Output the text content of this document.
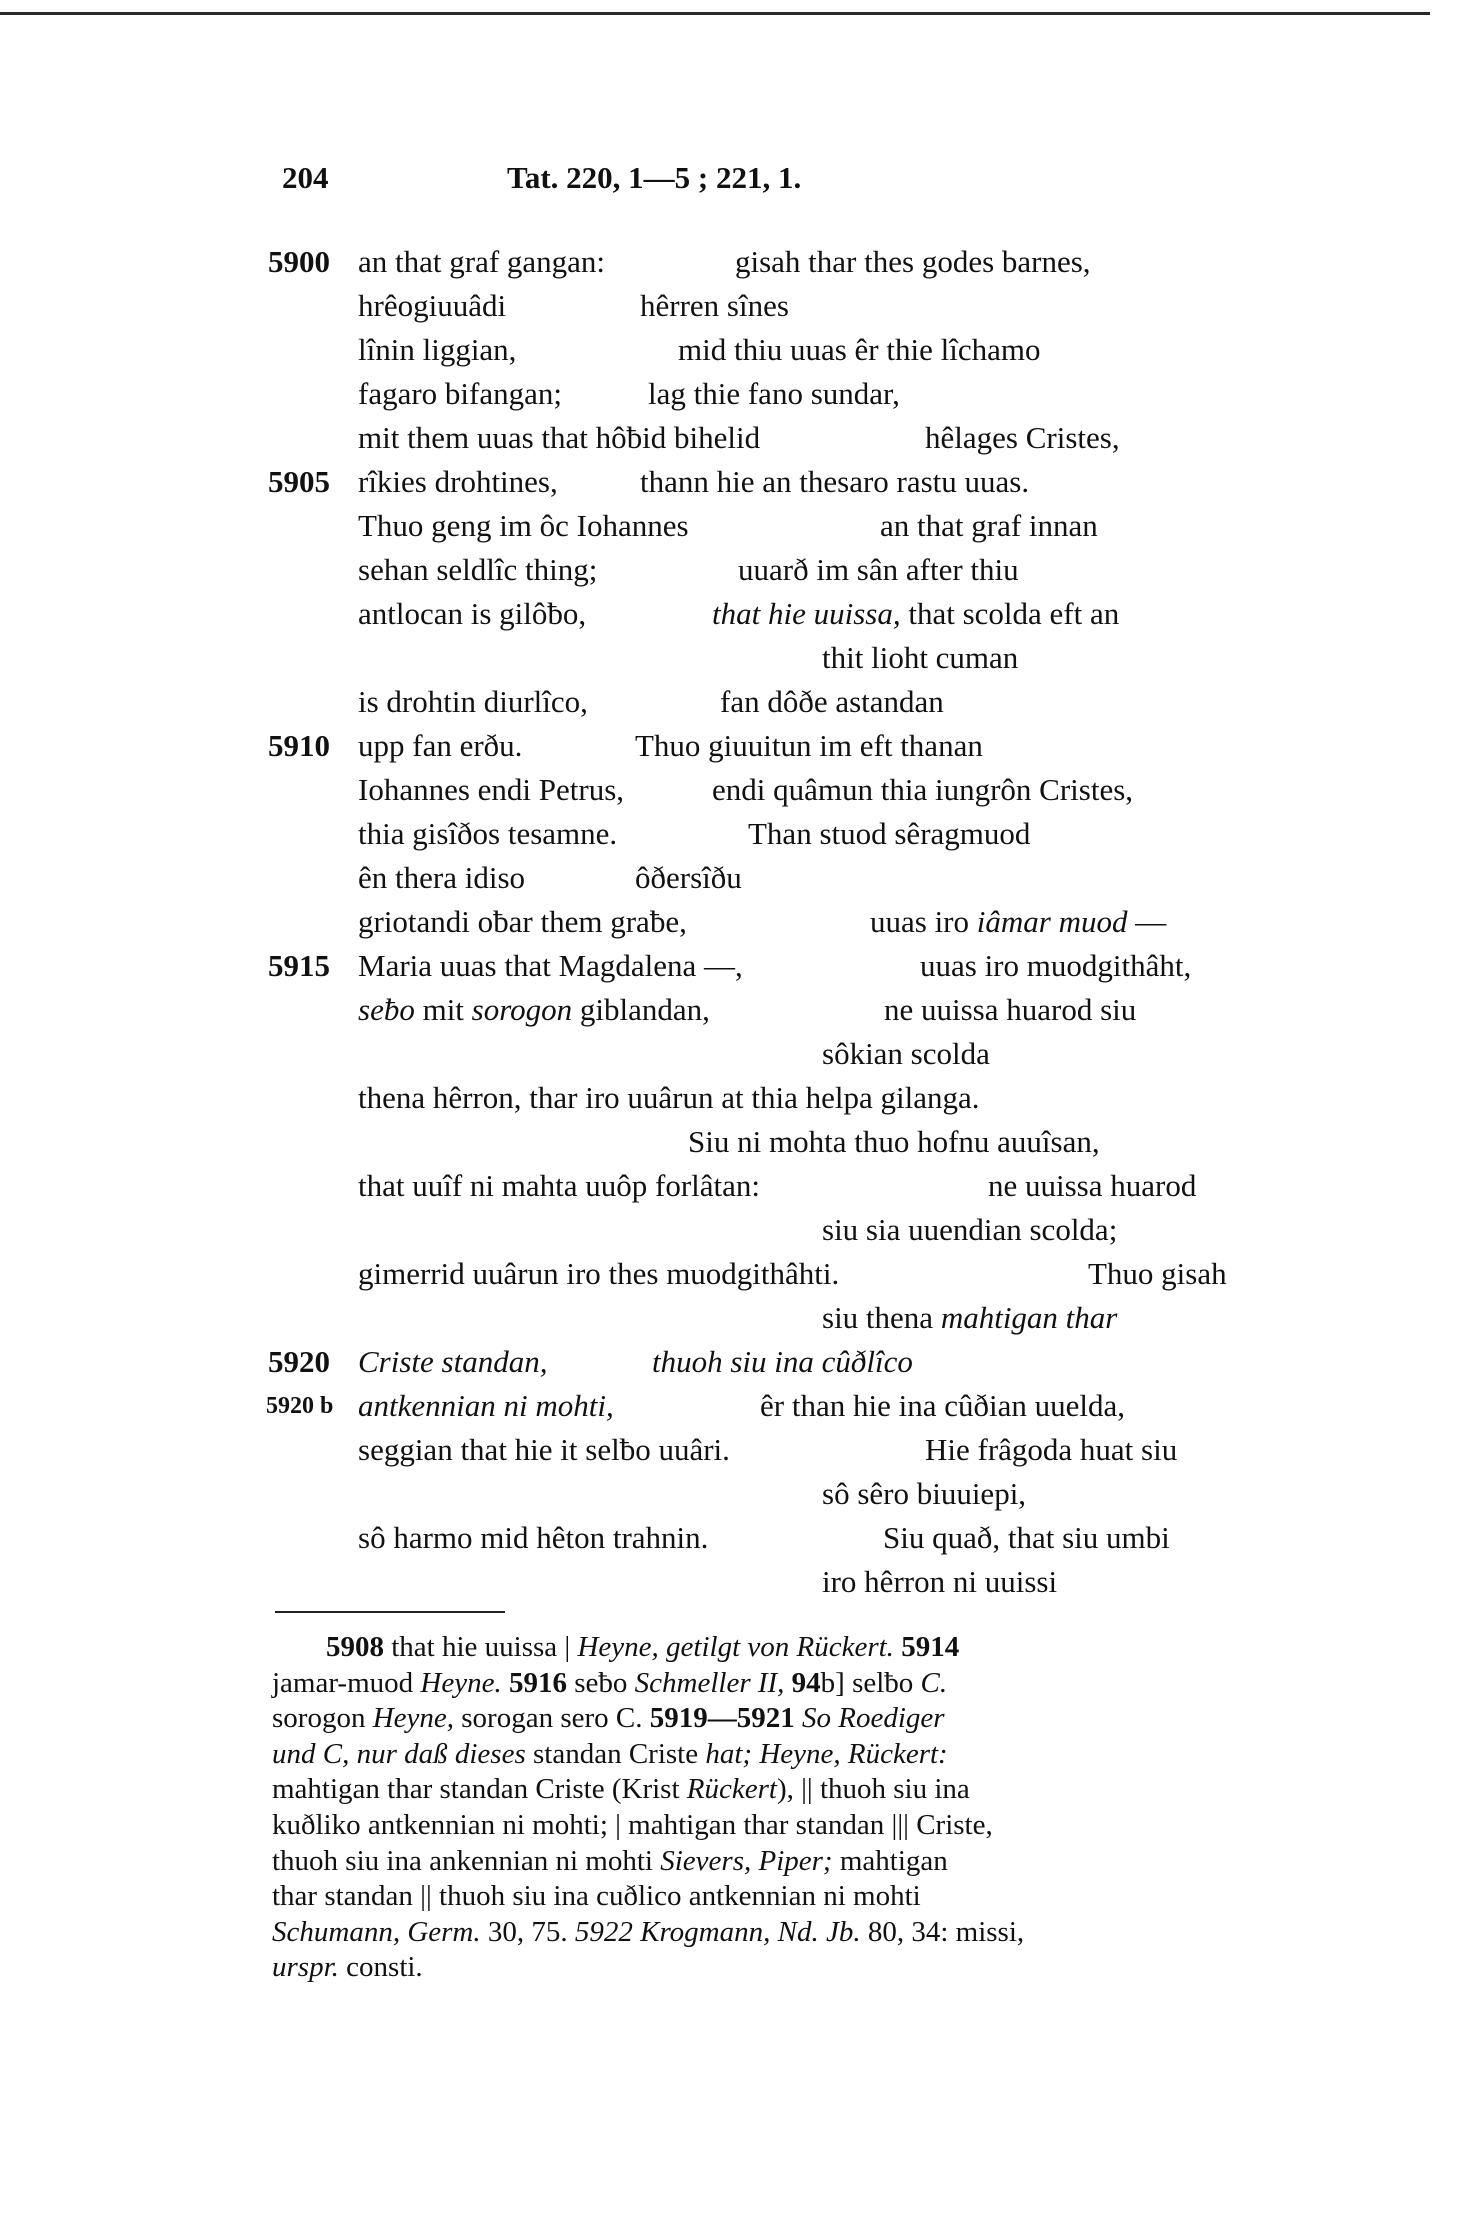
204	Tat. 220, 1—5 ; 221, 1.
5900 an that graf gangan:	gisah thar thes godes barnes,
hrêogiuuâdi	hêrren sînes
lînin liggian,	mid thiu uuas êr thie lîchamo
fagaro bifangan;	lag thie fano sundar,
mit them uuas that hôƀid bihelid	hêlages Cristes,
5905 rîkies drohtines,	thann hie an thesaro rastu uuas.
Thuo geng im ôc Iohannes	an that graf innan
sehan seldlîc thing;	uuarð im sân after thiu
antlocan is gilôƀo,	that hie uuissa, that scolda eft an
thit lioht cuman
is drohtin diurlîco,	fan dôðe astandan
5910 upp fan erðu.	Thuo giuuitun im eft thanan
Iohannes endi Petrus,	endi quâmun thia iungrôn Cristes,
thia gisîðos tesamne.	Than stuod sêragmuod
ên thera idiso	ôðersîðu
griotandi oƀar them graƀe,	uuas iro iâmar muod —
5915 Maria uuas that Magdalena —,	uuas iro muodgithâht,
seƀo mit sorogon giblandan,	ne uuissa huarod siu
sôkian scolda
thena hêrron, thar iro uuârun at thia helpa gilanga.
Siu ni mohta thuo hofnu auuîsan,
that uuîf ni mahta uuôp forlâtan:	ne uuissa huarod
siu sia uuendian scolda;
gimerrid uuârun iro thes muodgithâhti.	Thuo gisah
siu thena mahtigan thar
5920 Criste standan,	thuoh siu ina cûðlîco
5920 b antkennian ni mohti,	êr than hie ina cûðian uuelda,
seggian that hie it selƀo uuâri.	Hie frâgoda huat siu
sô sêro biuuiepi,
sô harmo mid hêton trahnin.	Siu quað, that siu umbi
iro hêrron ni uuissi
5908 that hie uuissa | Heyne, getilgt von Rückert. 5914
jamar-muod Heyne. 5916 seƀo Schmeller II, 94b] selƀo C.
sorogon Heyne, sorogan sero C. 5919—5921 So Roediger
und C, nur daß dieses standan Criste hat; Heyne, Rückert:
mahtigan thar standan Criste (Krist Rückert), || thuoh siu ina
kuðliko antkennian ni mohti; | mahtigan thar standan ||| Criste,
thuoh siu ina ankennian ni mohti Sievers, Piper; mahtigan
thar standan || thuoh siu ina cuðlico antkennian ni mohti
Schumann, Germ. 30, 75. 5922 Krogmann, Nd. Jb. 80, 34: missi,
urspr. consti.
